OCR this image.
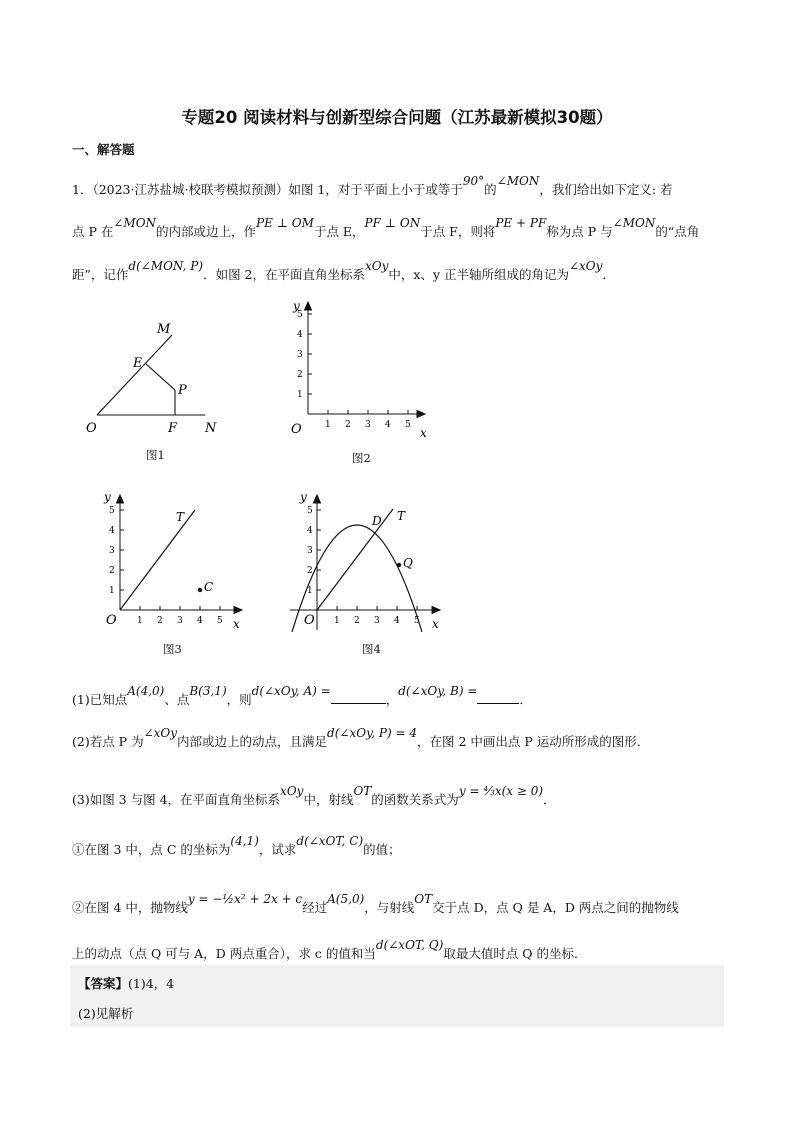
专题20 阅读材料与创新型综合问题（江苏最新模拟30题）
一、解答题
1．（2023·江苏盐城·校联考模拟预测）如图 1，对于平面上小于或等于90°的∠MON，我们给出如下定义: 若
点 P 在∠MON的内部或边上，作PE ⊥ OM于点 E，PF ⊥ ON于点 F，则将PE + PF称为点 P 与∠MON的“点角
距”，记作d(∠MON, P)．如图 2，在平面直角坐标系xOy中，x、y 正半轴所组成的角记为∠xOy．
M
E
P
O	F N
图1
1 2 3 4 5
1
2
3
4
5
y
x
O
图2
1 2 3 4 5
1
2
3
4
5
y
x
O
T
C
图3
1 2 3 4 5
1
2
3
4
5
y
x
O
T
D
Q
图4
(1)已知点A(4,0)、点B(3,1)，则d(∠xOy, A) =，d(∠xOy, B) =．
(2)若点 P 为∠xOy内部或边上的动点，且满足d(∠xOy, P) = 4，在图 2 中画出点 P 运动所形成的图形．
(3)如图 3 与图 4，在平面直角坐标系xOy中，射线OT的函数关系式为y = ⁴⁄₃x(x ≥ 0)．
①在图 3 中，点 C 的坐标为(4,1)，试求d(∠xOT, C)的值；
②在图 4 中，抛物线y = −½x² + 2x + c经过A(5,0)，与射线OT交于点 D，点 Q 是 A，D 两点之间的抛物线
上的动点（点 Q 可与 A，D 两点重合），求 c 的值和当d(∠xOT, Q)取最大值时点 Q 的坐标．
【答案】(1)4，4
(2)见解析
